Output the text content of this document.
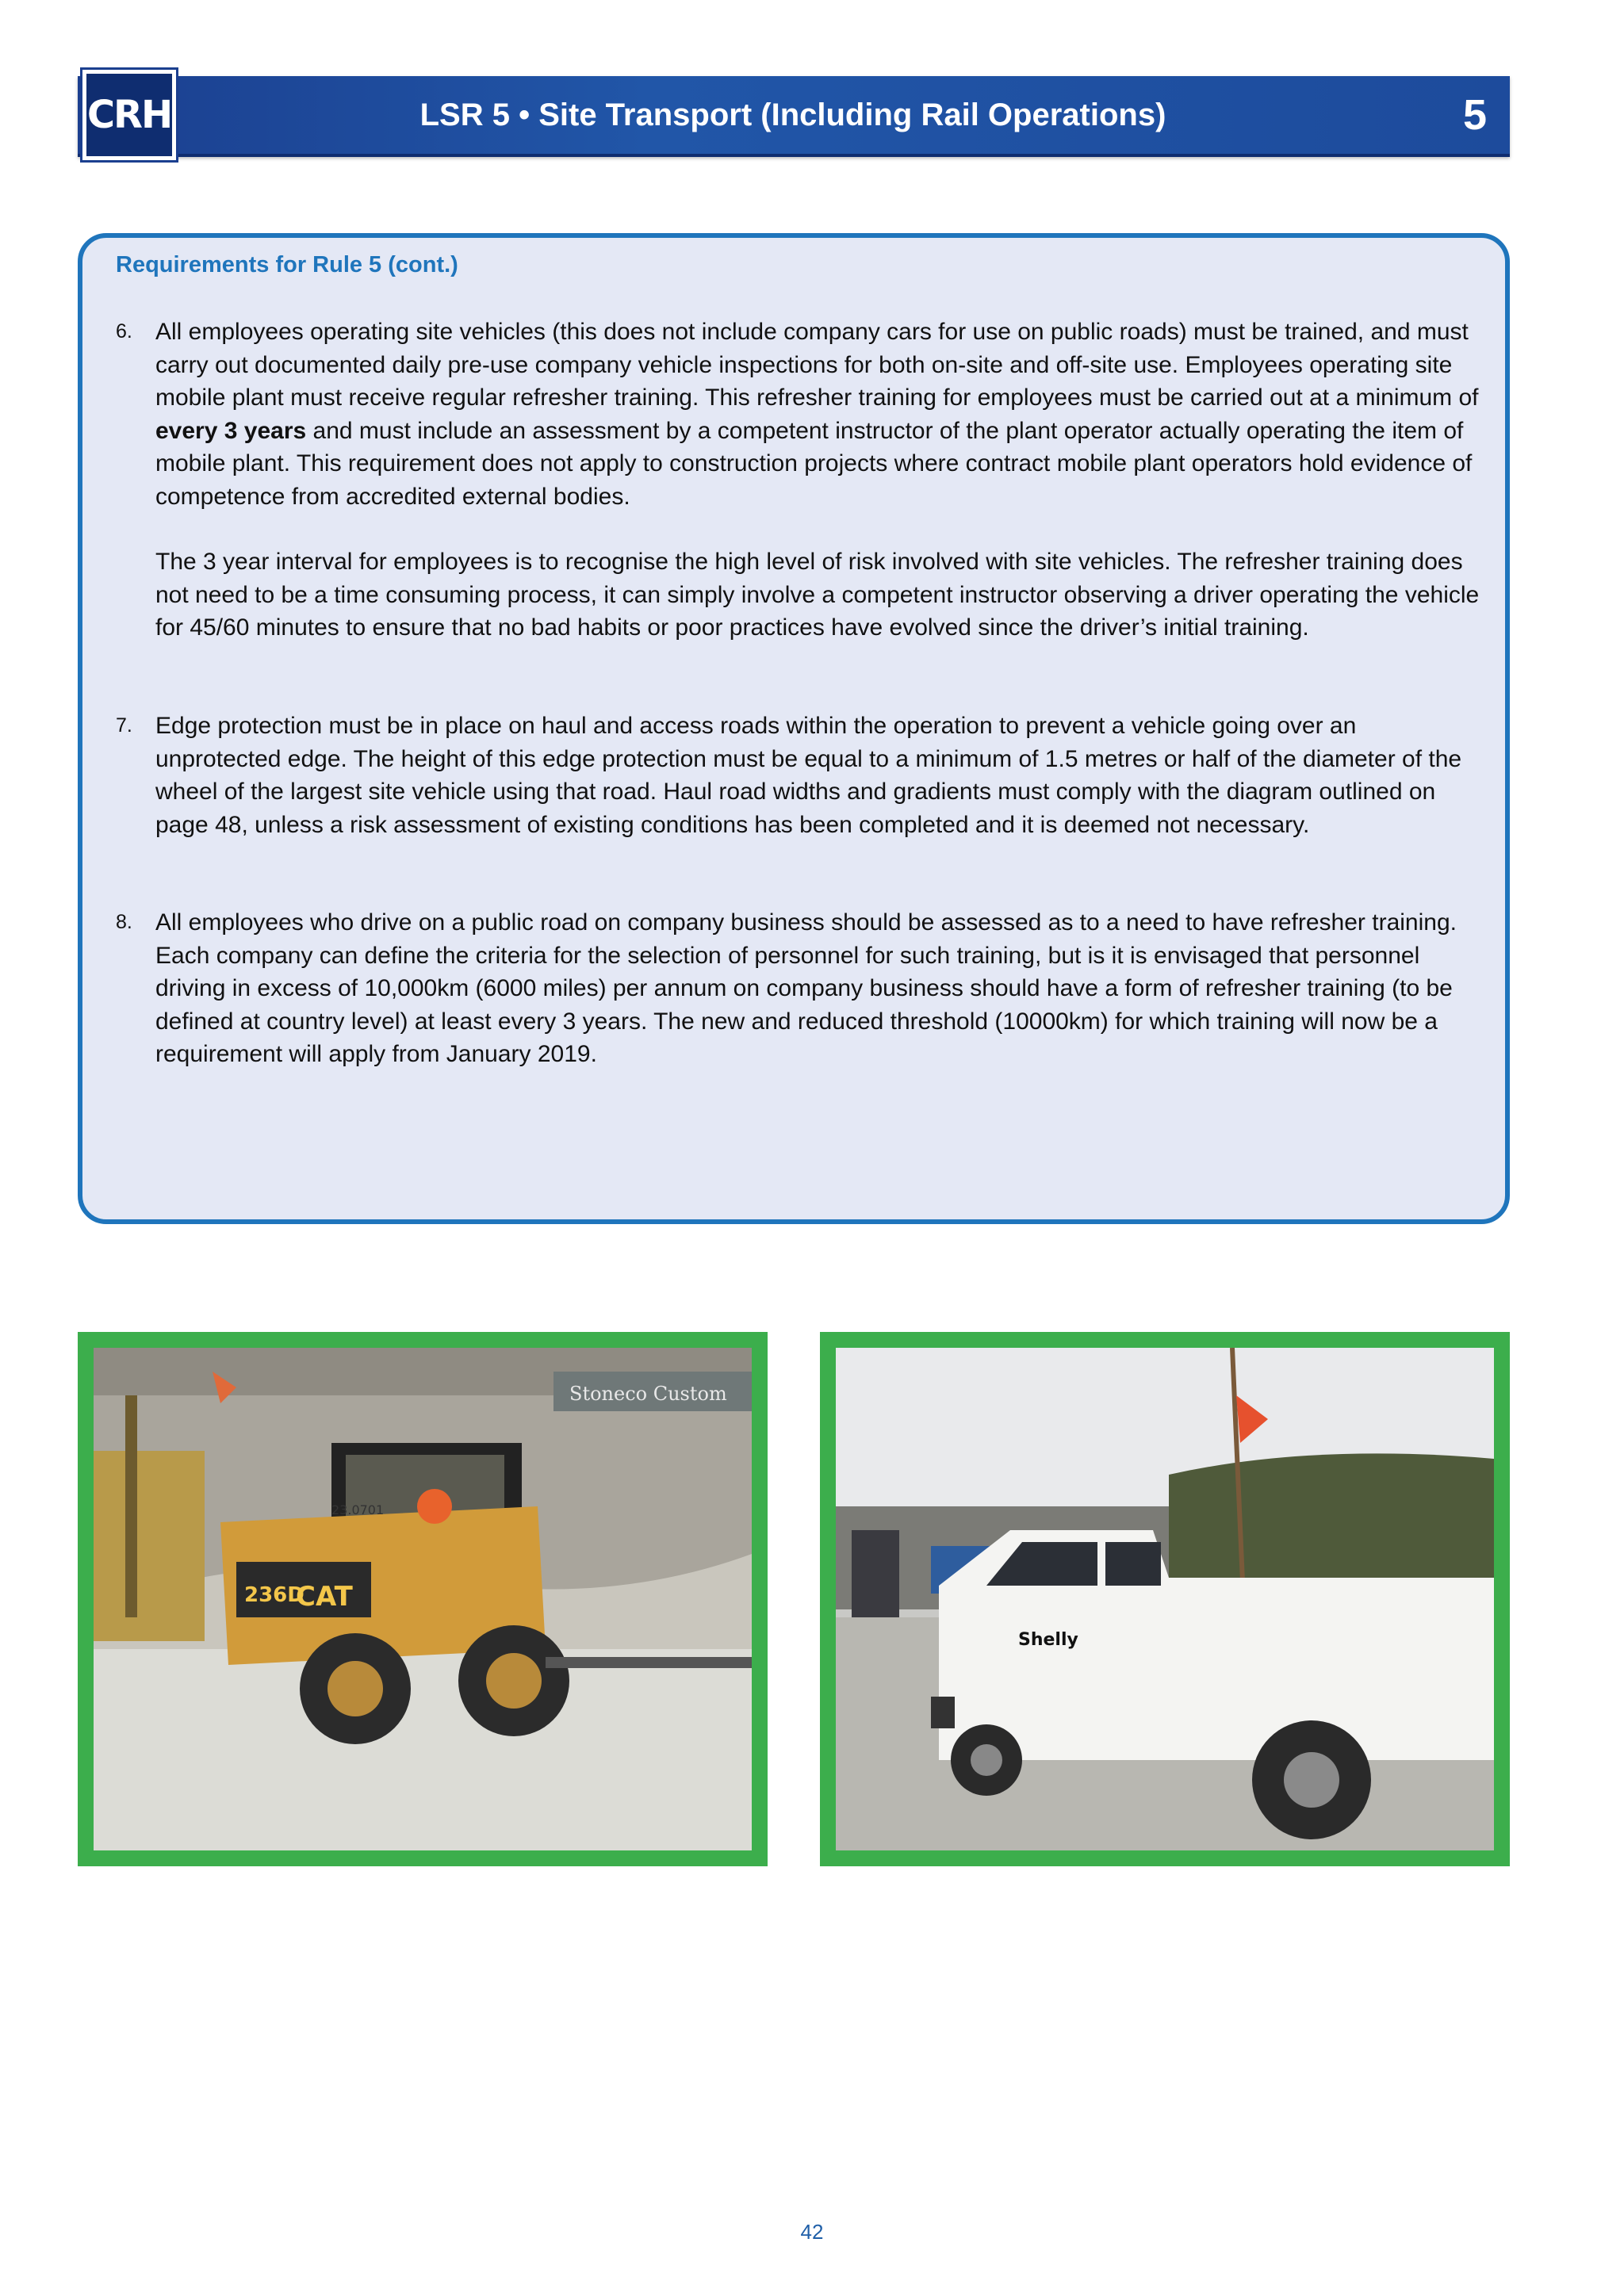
CRH	LSR 5 • Site Transport (Including Rail Operations)	5
Requirements for Rule 5 (cont.)
6. All employees operating site vehicles (this does not include company cars for use on public roads) must be trained, and must carry out documented daily pre-use company vehicle inspections for both on-site and off-site use. Employees operating site mobile plant must receive regular refresher training. This refresher training for employees must be carried out at a minimum of every 3 years and must include an assessment by a competent instructor of the plant operator actually operating the item of mobile plant. This requirement does not apply to construction projects where contract mobile plant operators hold evidence of competence from accredited external bodies.
The 3 year interval for employees is to recognise the high level of risk involved with site vehicles. The refresher training does not need to be a time consuming process, it can simply involve a competent instructor observing a driver operating the vehicle for 45/60 minutes to ensure that no bad habits or poor practices have evolved since the driver’s initial training.
7. Edge protection must be in place on haul and access roads within the operation to prevent a vehicle going over an unprotected edge. The height of this edge protection must be equal to a minimum of 1.5 metres or half of the diameter of the wheel of the largest site vehicle using that road. Haul road widths and gradients must comply with the diagram outlined on page 48, unless a risk assessment of existing conditions has been completed and it is deemed not necessary.
8. All employees who drive on a public road on company business should be assessed as to a need to have refresher training. Each company can define the criteria for the selection of personnel for such training, but is it is envisaged that personnel driving in excess of 10,000km (6000 miles) per annum on company business should have a form of refresher training (to be defined at country level) at least every 3 years. The new and reduced threshold (10000km) for which training will now be a requirement will apply from January 2019.
Stoneco Custom
236D
CAT
23.0701
Shelly
42
